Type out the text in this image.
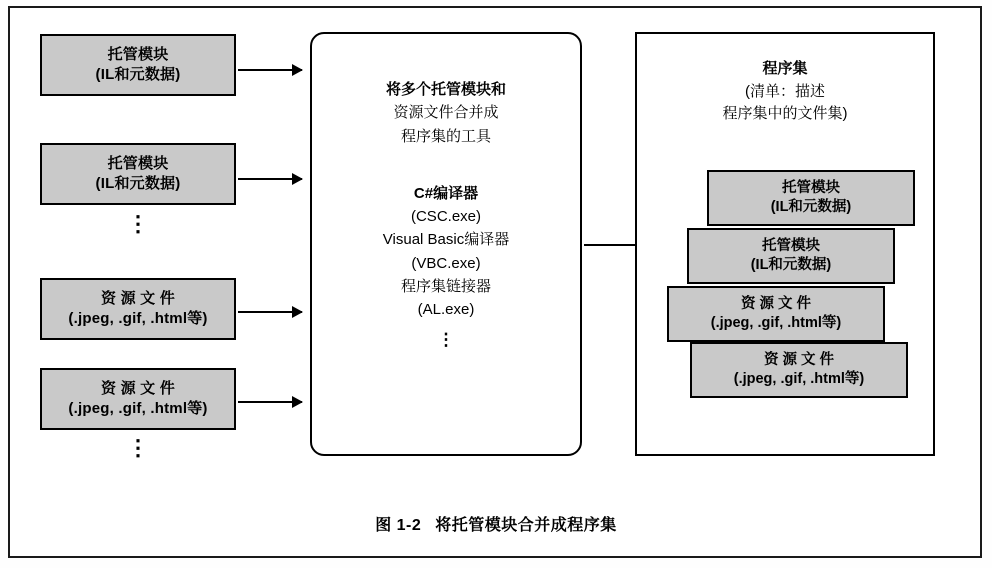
托管模块
(IL和元数据)
托管模块
(IL和元数据)
⋮
资 源 文 件
(.jpeg, .gif, .html等)
资 源 文 件
(.jpeg, .gif, .html等)
⋮
将多个托管模块和
资源文件合并成
程序集的工具
C#编译器
(CSC.exe)
Visual Basic编译器
(VBC.exe)
程序集链接器
(AL.exe)
⋮
程序集
(清单：描述
程序集中的文件集)
托管模块
(IL和元数据)
托管模块
(IL和元数据)
资 源 文 件
(.jpeg, .gif, .html等)
资 源 文 件
(.jpeg, .gif, .html等)
图 1-2 将托管模块合并成程序集
